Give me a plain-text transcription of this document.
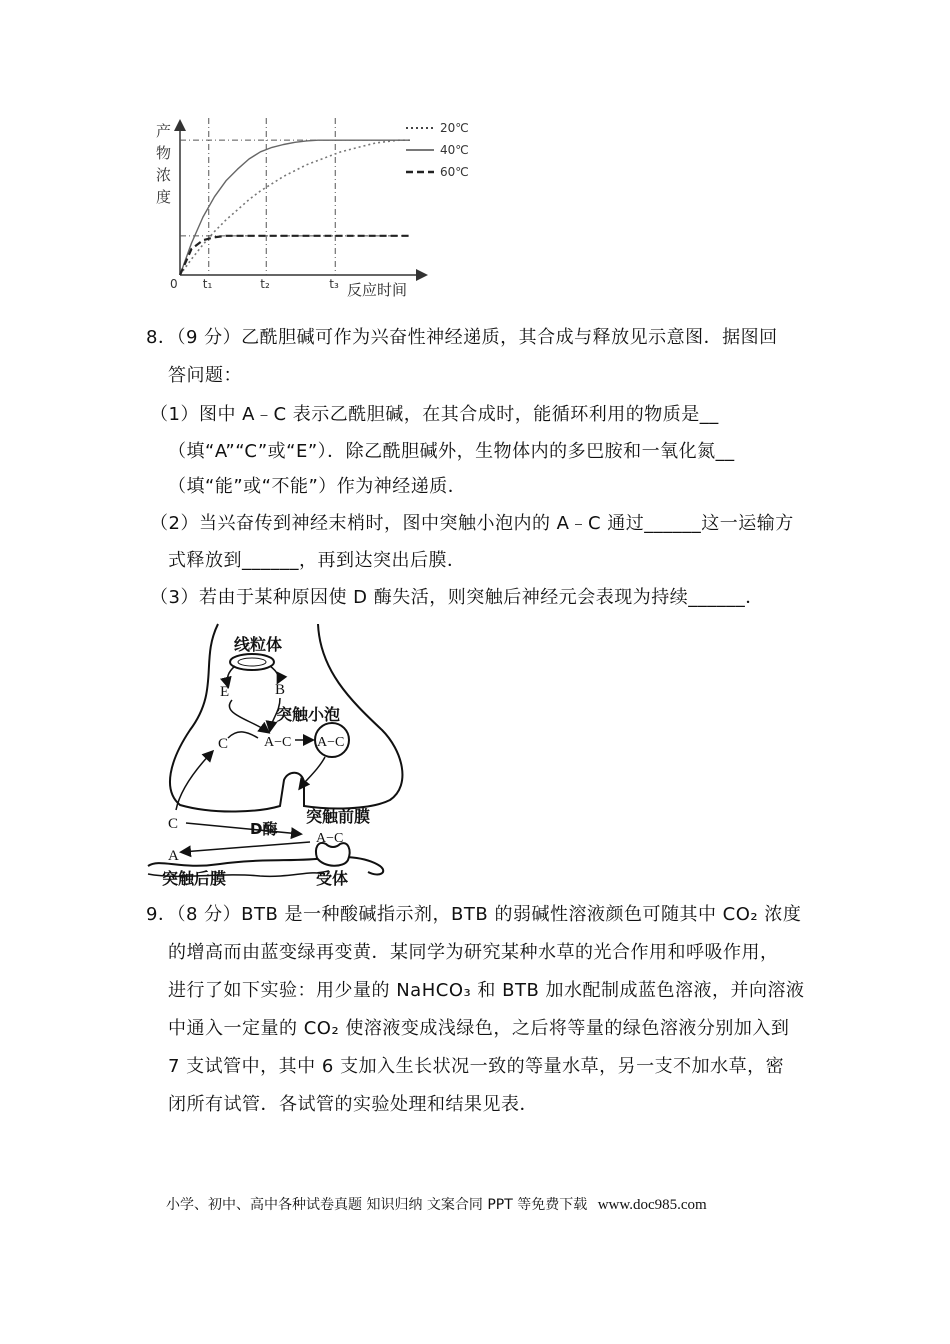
产
物
浓
度
0 t₁	t₂	t₃ 反应时间
20℃
40℃
60℃
8．（9 分）乙酰胆碱可作为兴奋性神经递质，其合成与释放见示意图．据图回
答问题：
（1）图中 A﹣C 表示乙酰胆碱，在其合成时，能循环利用的物质是__
（填“A”“C”或“E”）．除乙酰胆碱外，生物体内的多巴胺和一氧化氮__
（填“能”或“不能”）作为神经递质．
（2）当兴奋传到神经末梢时，图中突触小泡内的 A﹣C 通过______这一运输方
式释放到______，再到达突出后膜．
（3）若由于某种原因使 D 酶失活，则突触后神经元会表现为持续______．
线粒体
E	B
突触小泡
C	A−C A−C
突触前膜
C	D酶
A−C
A
突触后膜	受体
9．（8 分）BTB 是一种酸碱指示剂，BTB 的弱碱性溶液颜色可随其中 CO₂ 浓度
的增高而由蓝变绿再变黄．某同学为研究某种水草的光合作用和呼吸作用，
进行了如下实验：用少量的 NaHCO₃ 和 BTB 加水配制成蓝色溶液，并向溶液
中通入一定量的 CO₂ 使溶液变成浅绿色，之后将等量的绿色溶液分别加入到
7 支试管中，其中 6 支加入生长状况一致的等量水草，另一支不加水草，密
闭所有试管．各试管的实验处理和结果见表．
小学、初中、高中各种试卷真题 知识归纳 文案合同 PPT 等免费下载 www.doc985.com
